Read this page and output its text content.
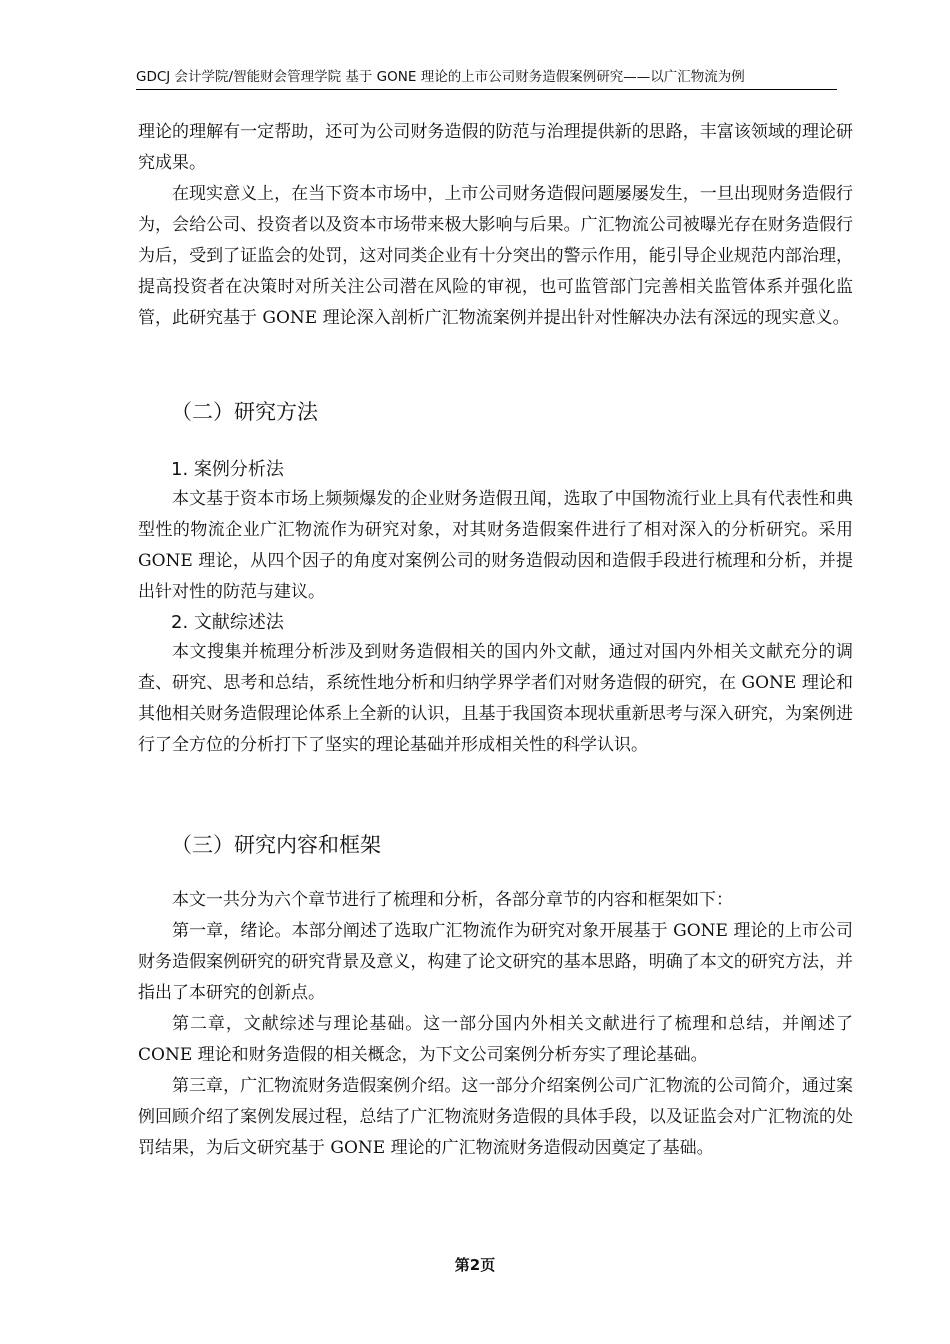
GDCJ 会计学院/智能财会管理学院 基于 GONE 理论的上市公司财务造假案例研究——以广汇物流为例

理论的理解有一定帮助，还可为公司财务造假的防范与治理提供新的思路，丰富该领域的理论研究成果。

在现实意义上，在当下资本市场中，上市公司财务造假问题屡屡发生，一旦出现财务造假行为，会给公司、投资者以及资本市场带来极大影响与后果。广汇物流公司被曝光存在财务造假行为后，受到了证监会的处罚，这对同类企业有十分突出的警示作用，能引导企业规范内部治理，提高投资者在决策时对所关注公司潜在风险的审视，也可监管部门完善相关监管体系并强化监管，此研究基于 GONE 理论深入剖析广汇物流案例并提出针对性解决办法有深远的现实意义。

（二）研究方法
1. 案例分析法

本文基于资本市场上频频爆发的企业财务造假丑闻，选取了中国物流行业上具有代表性和典型性的物流企业广汇物流作为研究对象，对其财务造假案件进行了相对深入的分析研究。采用 GONE 理论，从四个因子的角度对案例公司的财务造假动因和造假手段进行梳理和分析，并提出针对性的防范与建议。

2. 文献综述法

本文搜集并梳理分析涉及到财务造假相关的国内外文献，通过对国内外相关文献充分的调查、研究、思考和总结，系统性地分析和归纳学界学者们对财务造假的研究，在 GONE 理论和其他相关财务造假理论体系上全新的认识，且基于我国资本现状重新思考与深入研究，为案例进行了全方位的分析打下了坚实的理论基础并形成相关性的科学认识。

（三）研究内容和框架

本文一共分为六个章节进行了梳理和分析，各部分章节的内容和框架如下：

第一章，绪论。本部分阐述了选取广汇物流作为研究对象开展基于 GONE 理论的上市公司财务造假案例研究的研究背景及意义，构建了论文研究的基本思路，明确了本文的研究方法，并指出了本研究的创新点。

第二章，文献综述与理论基础。这一部分国内外相关文献进行了梳理和总结，并阐述了 CONE 理论和财务造假的相关概念，为下文公司案例分析夯实了理论基础。

第三章，广汇物流财务造假案例介绍。这一部分介绍案例公司广汇物流的公司简介，通过案例回顾介绍了案例发展过程，总结了广汇物流财务造假的具体手段，以及证监会对广汇物流的处罚结果，为后文研究基于 GONE 理论的广汇物流财务造假动因奠定了基础。

第2页
